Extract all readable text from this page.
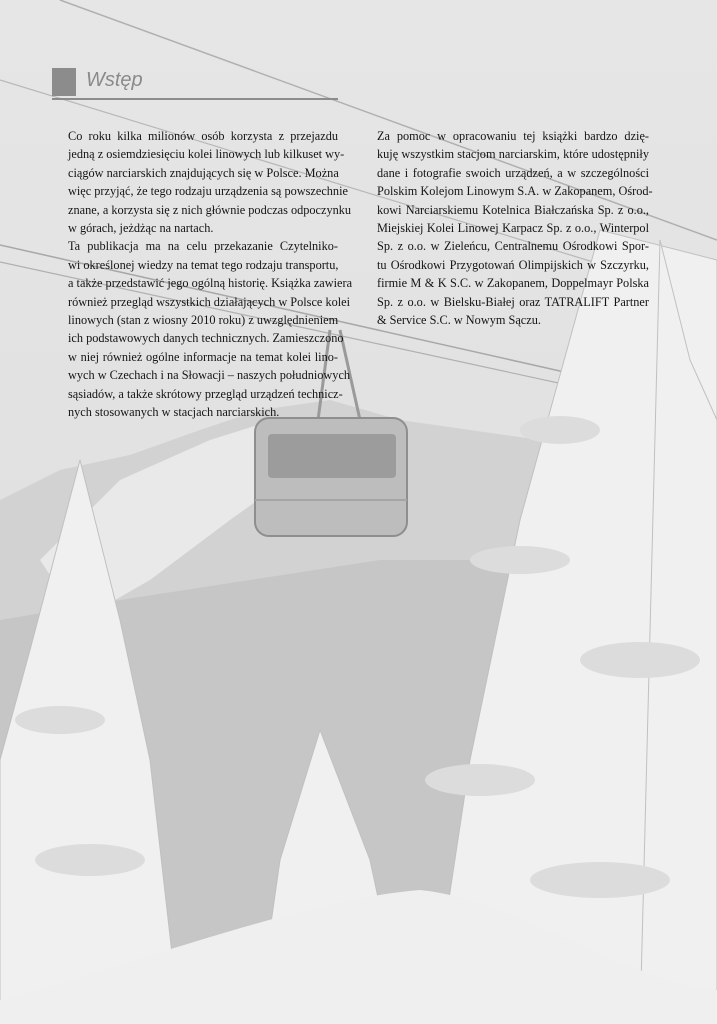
Wstęp

Co roku kilka milionów osób korzysta z przejazdu
jedną z osiemdziesięciu kolei linowych lub kilkuset wy-
ciągów narciarskich znajdujących się w Polsce. Można
więc przyjąć, że tego rodzaju urządzenia są powszechnie
znane, a korzysta się z nich głównie podczas odpoczynku
w górach, jeżdżąc na nartach.

Ta publikacja ma na celu przekazanie Czytelniko-
wi określonej wiedzy na temat tego rodzaju transportu,
a także przedstawić jego ogólną historię. Książka zawiera
również przegląd wszystkich działających w Polsce kolei
linowych (stan z wiosny 2010 roku) z uwzględnieniem
ich podstawowych danych technicznych. Zamieszczono
w niej również ogólne informacje na temat kolei lino-
wych w Czechach i na Słowacji – naszych południowych
sąsiadów, a także skrótowy przegląd urządzeń technicz-
nych stosowanych w stacjach narciarskich.

Za pomoc w opracowaniu tej książki bardzo dzię-
kuję wszystkim stacjom narciarskim, które udostępniły
dane i fotografie swoich urządzeń, a w szczególności
Polskim Kolejom Linowym S.A. w Zakopanem, Ośrod-
kowi Narciarskiemu Kotelnica Białczańska Sp. z o.o.,
Miejskiej Kolei Linowej Karpacz Sp. z o.o., Winterpol
Sp. z o.o. w Zieleńcu, Centralnemu Ośrodkowi Spor-
tu Ośrodkowi Przygotowań Olimpijskich w Szczyrku,
firmie M & K S.C. w Zakopanem, Doppelmayr Polska
Sp. z o.o. w Bielsku-Białej oraz TATRALIFT Partner
& Service S.C. w Nowym Sączu.
